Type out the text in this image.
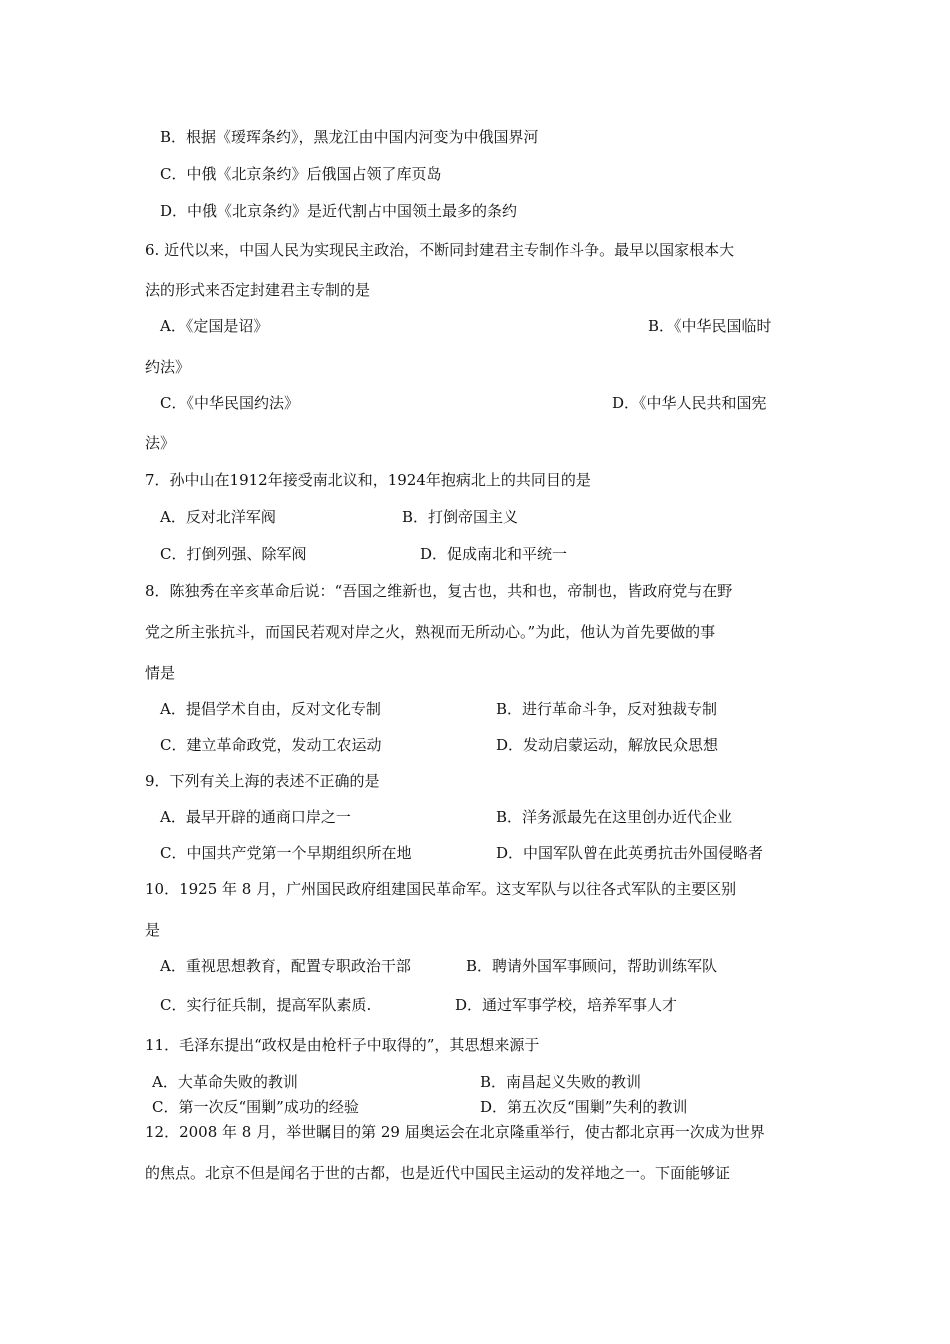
B．根据《瑷珲条约》，黑龙江由中国内河变为中俄国界河
C．中俄《北京条约》后俄国占领了库页岛
D．中俄《北京条约》是近代割占中国领土最多的条约
6. 近代以来，中国人民为实现民主政治，不断同封建君主专制作斗争。最早以国家根本大
法的形式来否定封建君主专制的是
A．《定国是诏》	B．《中华民国临时
约法》
C．《中华民国约法》	D．《中华人民共和国宪
法》
7．孙中山在1912年接受南北议和，1924年抱病北上的共同目的是
A．反对北洋军阀	B．打倒帝国主义
C．打倒列强、除军阀	D．促成南北和平统一
8．陈独秀在辛亥革命后说：“吾国之维新也，复古也，共和也，帝制也，皆政府党与在野
党之所主张抗斗，而国民若观对岸之火，熟视而无所动心。”为此，他认为首先要做的事
情是
A．提倡学术自由，反对文化专制	B．进行革命斗争，反对独裁专制
C．建立革命政党，发动工农运动	D．发动启蒙运动，解放民众思想
9．下列有关上海的表述不正确的是
A．最早开辟的通商口岸之一	B．洋务派最先在这里创办近代企业
C．中国共产党第一个早期组织所在地	D．中国军队曾在此英勇抗击外国侵略者
10．1925 年 8 月，广州国民政府组建国民革命军。这支军队与以往各式军队的主要区别
是
A．重视思想教育，配置专职政治干部	B．聘请外国军事顾问，帮助训练军队
C．实行征兵制，提高军队素质.	D．通过军事学校，培养军事人才
11．毛泽东提出“政权是由枪杆子中取得的”，其思想来源于
A．大革命失败的教训	B．南昌起义失败的教训
C．第一次反“围剿”成功的经验	D．第五次反“围剿”失利的教训
12．2008 年 8 月，举世瞩目的第 29 届奥运会在北京隆重举行，使古都北京再一次成为世界
的焦点。北京不但是闻名于世的古都，也是近代中国民主运动的发祥地之一。下面能够证
